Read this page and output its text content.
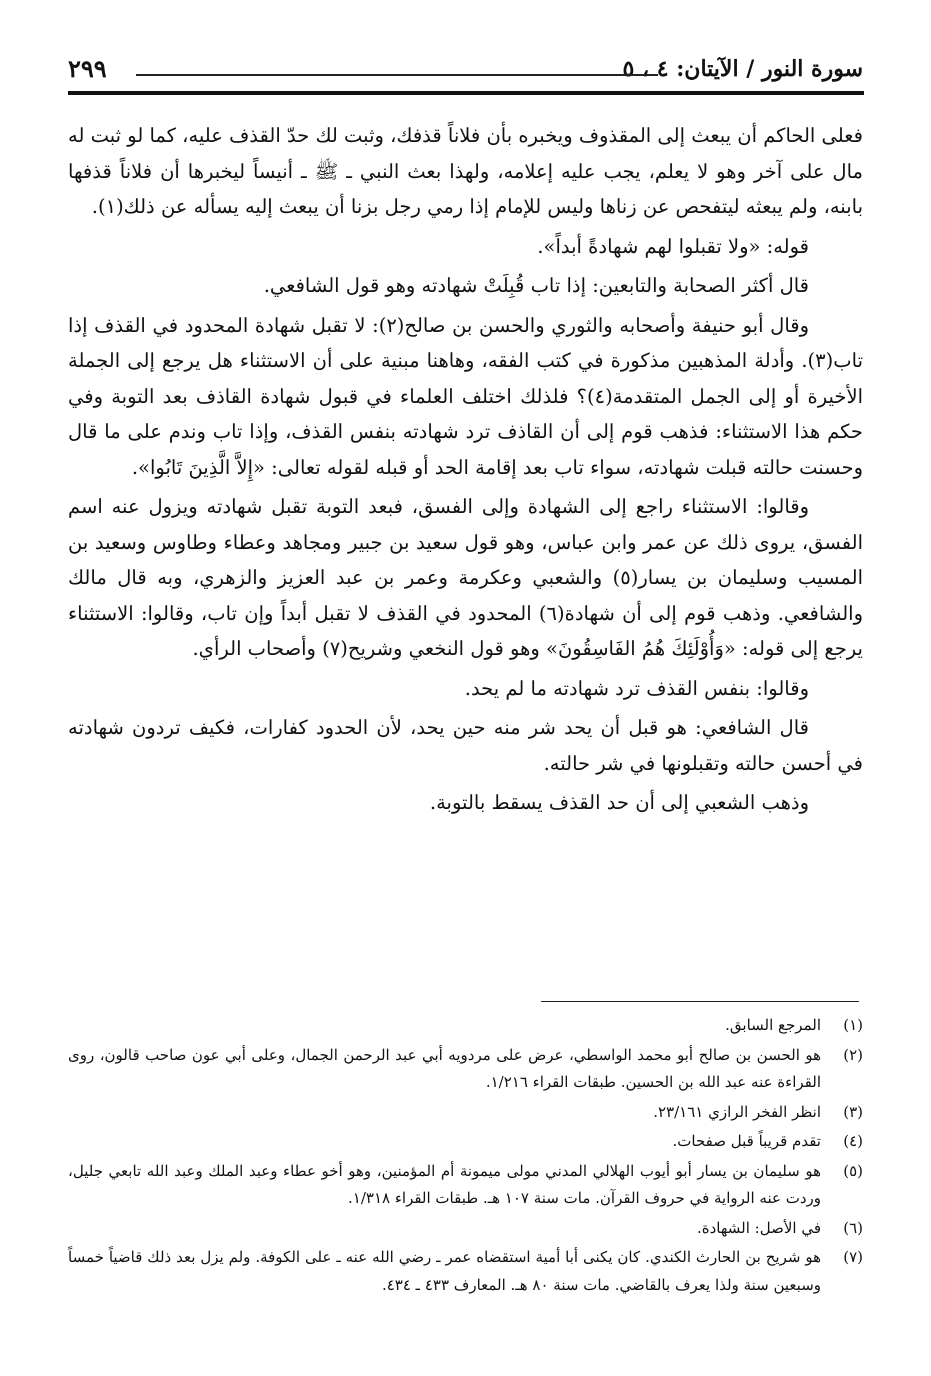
سورة النور / الآيتان: ٤ ، ٥
٢٩٩

فعلى الحاكم أن يبعث إلى المقذوف ويخبره بأن فلاناً قذفك، وثبت لك حدّ القذف عليه، كما لو ثبت له مال على آخر وهو لا يعلم، يجب عليه إعلامه، ولهذا بعث النبي ـ ﷺ ـ أنيساً ليخبرها أن فلاناً قذفها بابنه، ولم يبعثه ليتفحص عن زناها وليس للإمام إذا رمي رجل بزنا أن يبعث إليه يسأله عن ذلك(١).

قوله: «ولا تقبلوا لهم شهادةً أبداً».

قال أكثر الصحابة والتابعين: إذا تاب قُبِلَتْ شهادته وهو قول الشافعي.

وقال أبو حنيفة وأصحابه والثوري والحسن بن صالح(٢): لا تقبل شهادة المحدود في القذف إذا تاب(٣). وأدلة المذهبين مذكورة في كتب الفقه، وهاهنا مبنية على أن الاستثناء هل يرجع إلى الجملة الأخيرة أو إلى الجمل المتقدمة(٤)؟ فلذلك اختلف العلماء في قبول شهادة القاذف بعد التوبة وفي حكم هذا الاستثناء: فذهب قوم إلى أن القاذف ترد شهادته بنفس القذف، وإذا تاب وندم على ما قال وحسنت حالته قبلت شهادته، سواء تاب بعد إقامة الحد أو قبله لقوله تعالى: «إِلاَّ الَّذِينَ تَابُوا».

وقالوا: الاستثناء راجع إلى الشهادة وإلى الفسق، فبعد التوبة تقبل شهادته ويزول عنه اسم الفسق، يروى ذلك عن عمر وابن عباس، وهو قول سعيد بن جبير ومجاهد وعطاء وطاوس وسعيد بن المسيب وسليمان بن يسار(٥) والشعبي وعكرمة وعمر بن عبد العزيز والزهري، وبه قال مالك والشافعي. وذهب قوم إلى أن شهادة(٦) المحدود في القذف لا تقبل أبداً وإن تاب، وقالوا: الاستثناء يرجع إلى قوله: «وَأُوْلَئِكَ هُمُ الفَاسِقُونَ» وهو قول النخعي وشريح(٧) وأصحاب الرأي.

وقالوا: بنفس القذف ترد شهادته ما لم يحد.

قال الشافعي: هو قبل أن يحد شر منه حين يحد، لأن الحدود كفارات، فكيف تردون شهادته في أحسن حالته وتقبلونها في شر حالته.

وذهب الشعبي إلى أن حد القذف يسقط بالتوبة.

(١)
المرجع السابق.
(٢)
هو الحسن بن صالح أبو محمد الواسطي، عرض على مردويه أبي عبد الرحمن الجمال، وعلى أبي عون صاحب قالون، روى القراءة عنه عبد الله بن الحسين. طبقات القراء ١/٢١٦.
(٣)
انظر الفخر الرازي ٢٣/١٦١.
(٤)
تقدم قريباً قبل صفحات.
(٥)
هو سليمان بن يسار أبو أيوب الهلالي المدني مولى ميمونة أم المؤمنين، وهو أخو عطاء وعبد الملك وعبد الله تابعي جليل، وردت عنه الرواية في حروف القرآن. مات سنة ١٠٧ هـ. طبقات القراء ١/٣١٨.
(٦)
في الأصل: الشهادة.
(٧)
هو شريح بن الحارث الكندي. كان يكنى أبا أمية استقضاه عمر ـ رضي الله عنه ـ على الكوفة. ولم يزل بعد ذلك قاضياً خمساً وسبعين سنة ولذا يعرف بالقاضي. مات سنة ٨٠ هـ. المعارف ٤٣٣ ـ ٤٣٤.
